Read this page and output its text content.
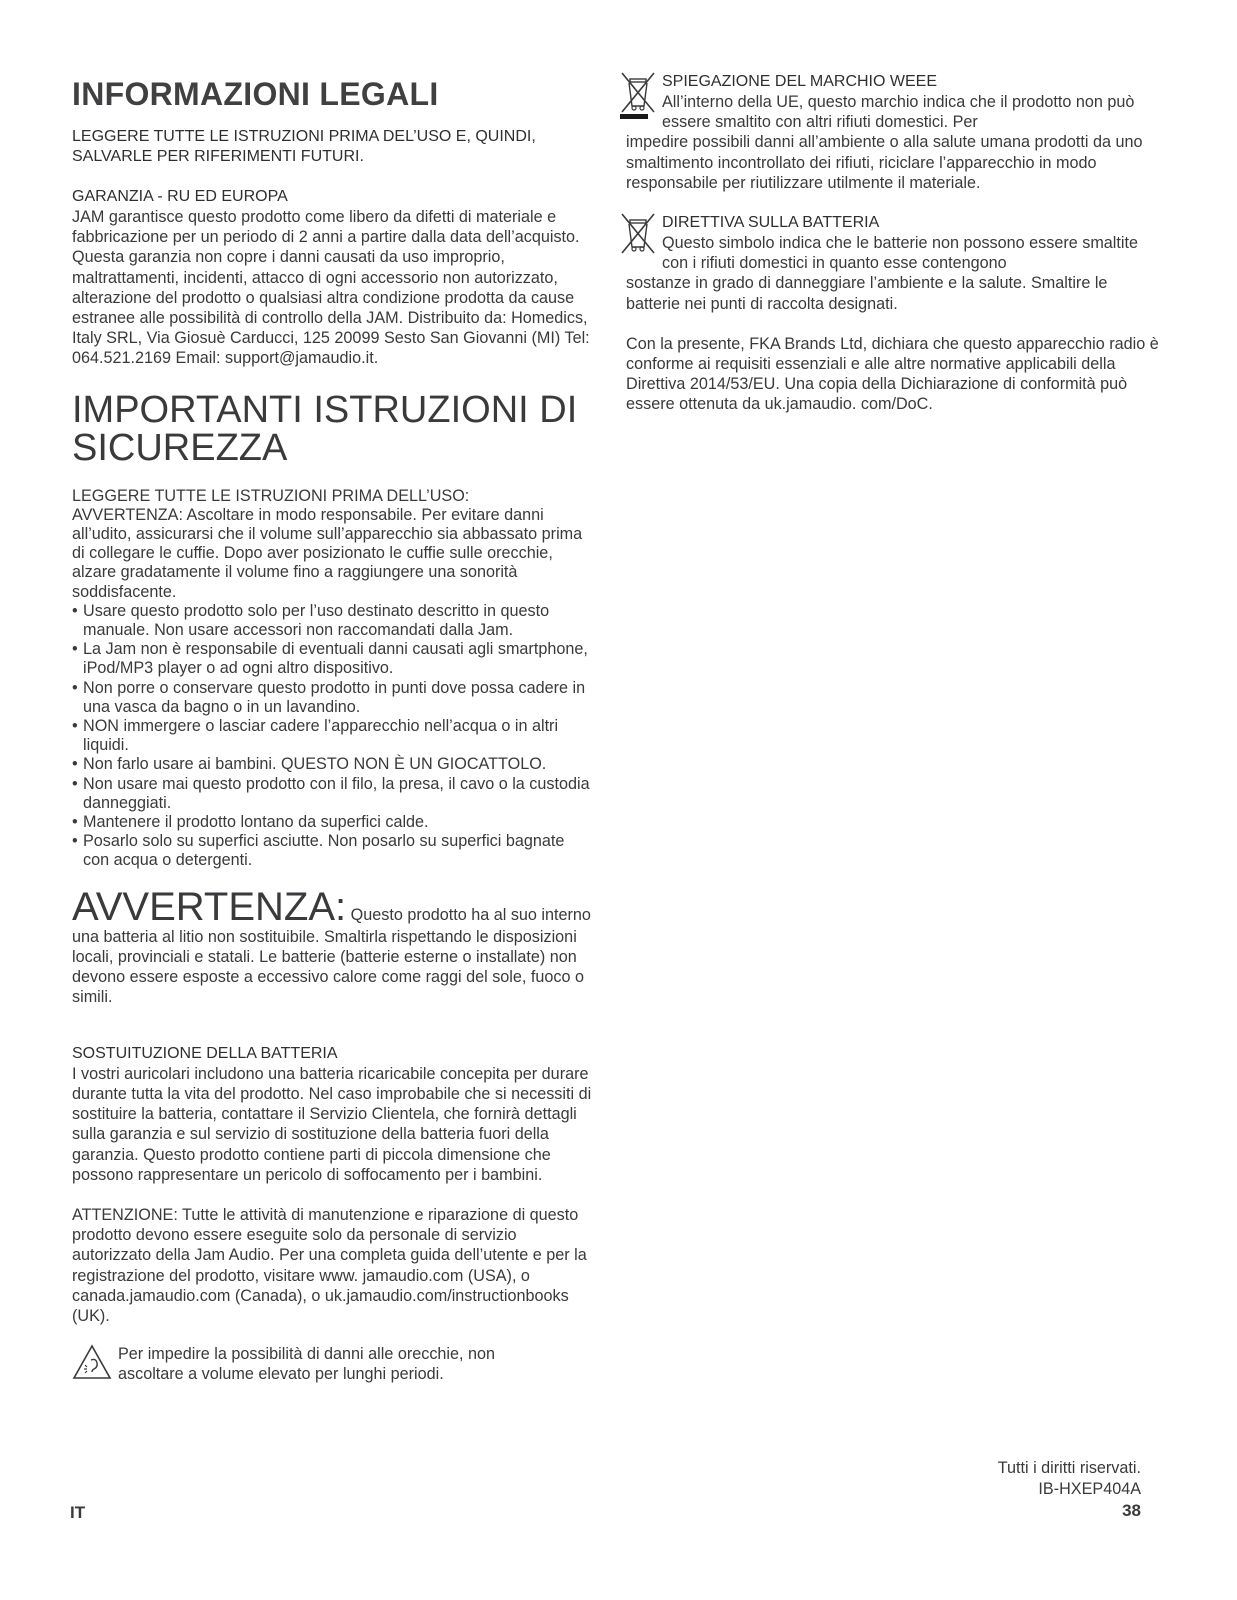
INFORMAZIONI LEGALI

LEGGERE TUTTE LE ISTRUZIONI PRIMA DEL’USO E, QUINDI, SALVARLE PER RIFERIMENTI FUTURI.

GARANZIA - RU ED EUROPA

JAM garantisce questo prodotto come libero da difetti di materiale e fabbricazione per un periodo di 2 anni a partire dalla data dell’acquisto. Questa garanzia non copre i danni causati da uso improprio, maltrattamenti, incidenti, attacco di ogni accessorio non autorizzato, alterazione del prodotto o qualsiasi altra condizione prodotta da cause estranee alle possibilità di controllo della JAM. Distribuito da: Homedics, Italy SRL, Via Giosuè Carducci, 125 20099 Sesto San Giovanni (MI) Tel: 064.521.2169 Email: support@jamaudio.it.

IMPORTANTI ISTRUZIONI DI SICUREZZA

LEGGERE TUTTE LE ISTRUZIONI PRIMA DELL’USO:

AVVERTENZA: Ascoltare in modo responsabile. Per evitare danni all’udito, assicurarsi che il volume sull’apparecchio sia abbassato prima di collegare le cuffie. Dopo aver posizionato le cuffie sulle orecchie, alzare gradatamente il volume fino a raggiungere una sonorità soddisfacente.

• Usare questo prodotto solo per l’uso destinato descritto in questo manuale. Non usare accessori non raccomandati dalla Jam.
• La Jam non è responsabile di eventuali danni causati agli smartphone, iPod/MP3 player o ad ogni altro dispositivo.
• Non porre o conservare questo prodotto in punti dove possa cadere in una vasca da bagno o in un lavandino.
• NON immergere o lasciar cadere l’apparecchio nell’acqua o in altri liquidi.
• Non farlo usare ai bambini. QUESTO NON È UN GIOCATTOLO.
• Non usare mai questo prodotto con il filo, la presa, il cavo o la custodia danneggiati.
• Mantenere il prodotto lontano da superfici calde.
• Posarlo solo su superfici asciutte. Non posarlo su superfici bagnate con acqua o detergenti.

AVVERTENZA: Questo prodotto ha al suo interno una batteria al litio non sostituibile. Smaltirla rispettando le disposizioni locali, provinciali e statali. Le batterie (batterie esterne o installate) non devono essere esposte a eccessivo calore come raggi del sole, fuoco o simili.

SOSTUITUZIONE DELLA BATTERIA

I vostri auricolari includono una batteria ricaricabile concepita per durare durante tutta la vita del prodotto. Nel caso improbabile che si necessiti di sostituire la batteria, contattare il Servizio Clientela, che fornirà dettagli sulla garanzia e sul servizio di sostituzione della batteria fuori della garanzia. Questo prodotto contiene parti di piccola dimensione che possono rappresentare un pericolo di soffocamento per i bambini.

ATTENZIONE: Tutte le attività di manutenzione e riparazione di questo prodotto devono essere eseguite solo da personale di servizio autorizzato della Jam Audio. Per una completa guida dell’utente e per la registrazione del prodotto, visitare www. jamaudio.com (USA), o canada.jamaudio.com (Canada), o uk.jamaudio.com/instructionbooks (UK).

Per impedire la possibilità di danni alle orecchie, non ascoltare a volume elevato per lunghi periodi.

SPIEGAZIONE DEL MARCHIO WEEE

All’interno della UE, questo marchio indica che il prodotto non può essere smaltito con altri rifiuti domestici. Per

impedire possibili danni all’ambiente o alla salute umana prodotti da uno smaltimento incontrollato dei rifiuti, riciclare l’apparecchio in modo responsabile per riutilizzare utilmente il materiale.

DIRETTIVA SULLA BATTERIA

Questo simbolo indica che le batterie non possono essere smaltite con i rifiuti domestici in quanto esse contengono

sostanze in grado di danneggiare l’ambiente e la salute. Smaltire le batterie nei punti di raccolta designati.

Con la presente, FKA Brands Ltd, dichiara che questo apparecchio radio è conforme ai requisiti essenziali e alle altre normative applicabili della Direttiva 2014/53/EU. Una copia della Dichiarazione di conformità può essere ottenuta da uk.jamaudio. com/DoC.

Tutti i diritti riservati.
IB-HXEP404A
38
IT
